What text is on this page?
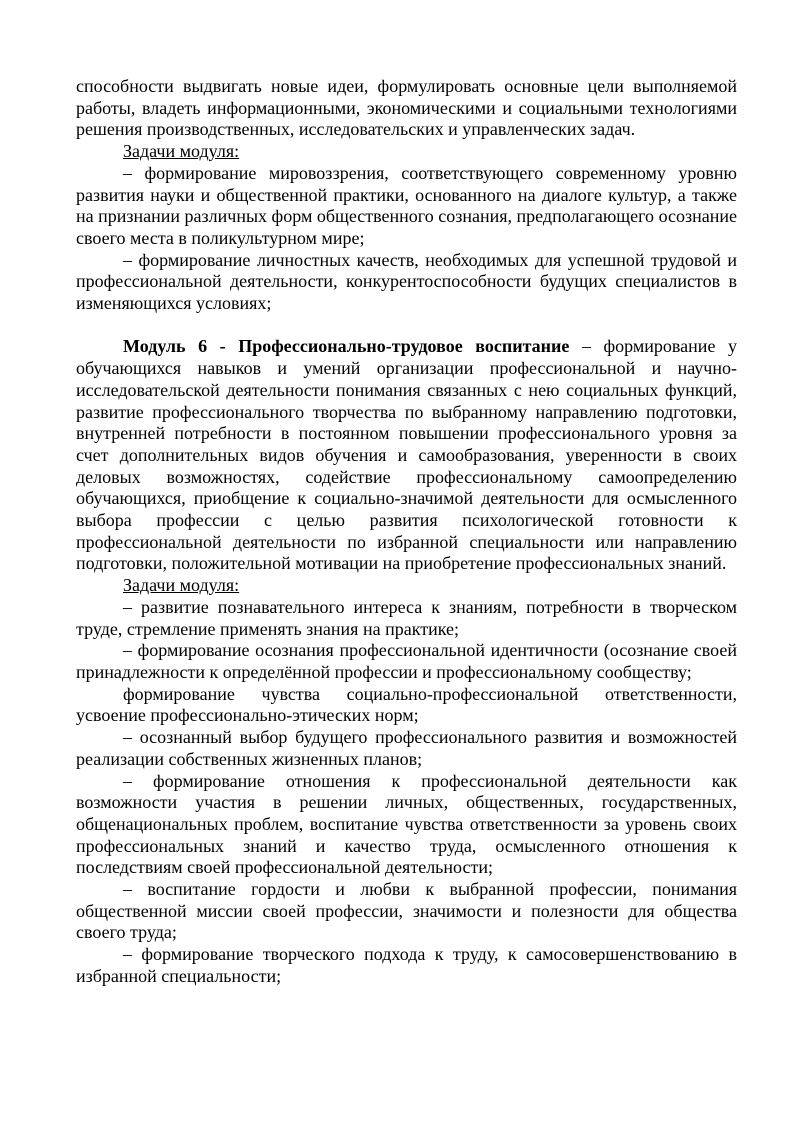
способности выдвигать новые идеи, формулировать основные цели выполняемой работы, владеть информационными, экономическими и социальными технологиями решения производственных, исследовательских и управленческих задач.

Задачи модуля:

– формирование мировоззрения, соответствующего современному уровню развития науки и общественной практики, основанного на диалоге культур, а также на признании различных форм общественного сознания, предполагающего осознание своего места в поликультурном мире;

– формирование личностных качеств, необходимых для успешной трудовой и профессиональной деятельности, конкурентоспособности будущих специалистов в изменяющихся условиях;

Модуль 6 - Профессионально-трудовое воспитание – формирование у обучающихся навыков и умений организации профессиональной и научно-исследовательской деятельности понимания связанных с нею социальных функций, развитие профессионального творчества по выбранному направлению подготовки, внутренней потребности в постоянном повышении профессионального уровня за счет дополнительных видов обучения и самообразования, уверенности в своих деловых возможностях, содействие профессиональному самоопределению обучающихся, приобщение к социально-значимой деятельности для осмысленного выбора профессии с целью развития психологической готовности к профессиональной деятельности по избранной специальности или направлению подготовки, положительной мотивации на приобретение профессиональных знаний.

Задачи модуля:

– развитие познавательного интереса к знаниям, потребности в творческом труде, стремление применять знания на практике;

– формирование осознания профессиональной идентичности (осознание своей принадлежности к определённой профессии и профессиональному сообществу;

формирование чувства социально-профессиональной ответственности, усвоение профессионально-этических норм;

– осознанный выбор будущего профессионального развития и возможностей реализации собственных жизненных планов;

– формирование отношения к профессиональной деятельности как возможности участия в решении личных, общественных, государственных, общенациональных проблем, воспитание чувства ответственности за уровень своих профессиональных знаний и качество труда, осмысленного отношения к последствиям своей профессиональной деятельности;

– воспитание гордости и любви к выбранной профессии, понимания общественной миссии своей профессии, значимости и полезности для общества своего труда;

– формирование творческого подхода к труду, к самосовершенствованию в избранной специальности;
